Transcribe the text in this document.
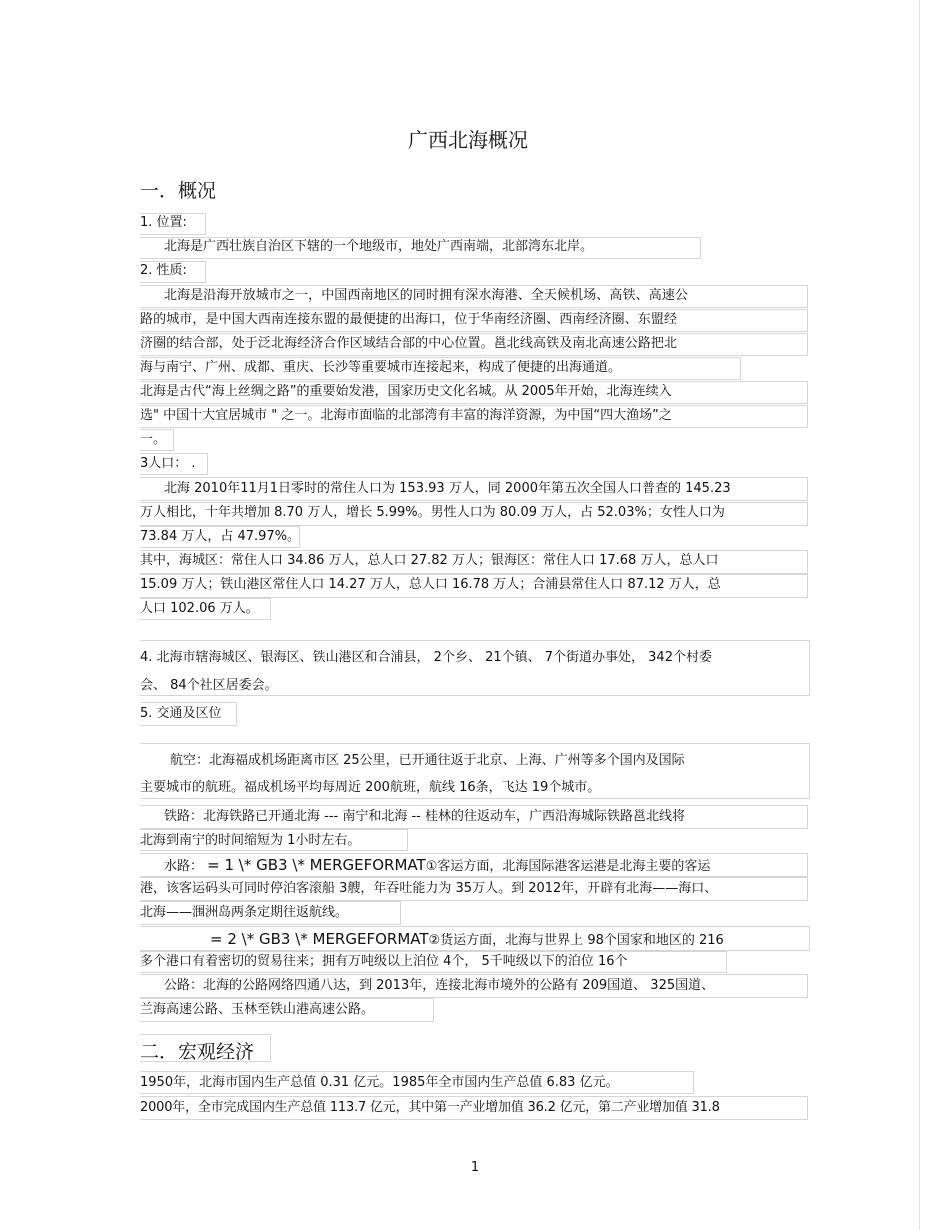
广西北海概况
一．概况
1. 位置:
北海是广西壮族自治区下辖的一个地级市，地处广西南端，北部湾东北岸。
2. 性质:
北海是沿海开放城市之一，中国西南地区的同时拥有深水海港、全天候机场、高铁、高速公
路的城市，是中国大西南连接东盟的最便捷的出海口，位于华南经济圈、西南经济圈、东盟经
济圈的结合部，处于泛北海经济合作区域结合部的中心位置。邕北线高铁及南北高速公路把北
海与南宁、广州、成都、重庆、长沙等重要城市连接起来，构成了便捷的出海通道。
北海是古代“海上丝绸之路”的重要始发港，国家历史文化名城。从 2005年开始，北海连续入
选" 中国十大宜居城市 " 之一。北海市面临的北部湾有丰富的海洋资源，为中国“四大渔场”之
一。
3人口： .
北海 2010年11月1日零时的常住人口为 153.93 万人，同 2000年第五次全国人口普查的 145.23
万人相比，十年共增加 8.70 万人，增长 5.99%。男性人口为 80.09 万人，占 52.03%；女性人口为
73.84 万人，占 47.97%。
其中，海城区：常住人口 34.86 万人，总人口 27.82 万人；银海区：常住人口 17.68 万人，总人口
15.09 万人；铁山港区常住人口 14.27 万人，总人口 16.78 万人；合浦县常住人口 87.12 万人，总
人口 102.06 万人。
4. 北海市辖海城区、银海区、铁山港区和合浦县， 2个乡、 21个镇、 7个街道办事处， 342个村委
会、 84个社区居委会。
5. 交通及区位
航空：北海福成机场距离市区 25公里，已开通往返于北京、上海、广州等多个国内及国际
主要城市的航班。福成机场平均每周近 200航班，航线 16条，飞达 19个城市。
铁路：北海铁路已开通北海 --- 南宁和北海 -- 桂林的往返动车，广西沿海城际铁路邕北线将
北海到南宁的时间缩短为 1小时左右。
水路： = 1 \* GB3 \* MERGEFORMAT①客运方面，北海国际港客运港是北海主要的客运
港，该客运码头可同时停泊客滚船 3艘，年吞吐能力为 35万人。到 2012年，开辟有北海——海口、
北海——涠洲岛两条定期往返航线。
= 2 \* GB3 \* MERGEFORMAT②货运方面，北海与世界上 98个国家和地区的 216
多个港口有着密切的贸易往来；拥有万吨级以上泊位 4个， 5千吨级以下的泊位 16个
公路：北海的公路网络四通八达，到 2013年，连接北海市境外的公路有 209国道、 325国道、
兰海高速公路、玉林至铁山港高速公路。
二．宏观经济
1950年，北海市国内生产总值 0.31 亿元。1985年全市国内生产总值 6.83 亿元。
2000年，全市完成国内生产总值 113.7 亿元，其中第一产业增加值 36.2 亿元，第二产业增加值 31.8
1
